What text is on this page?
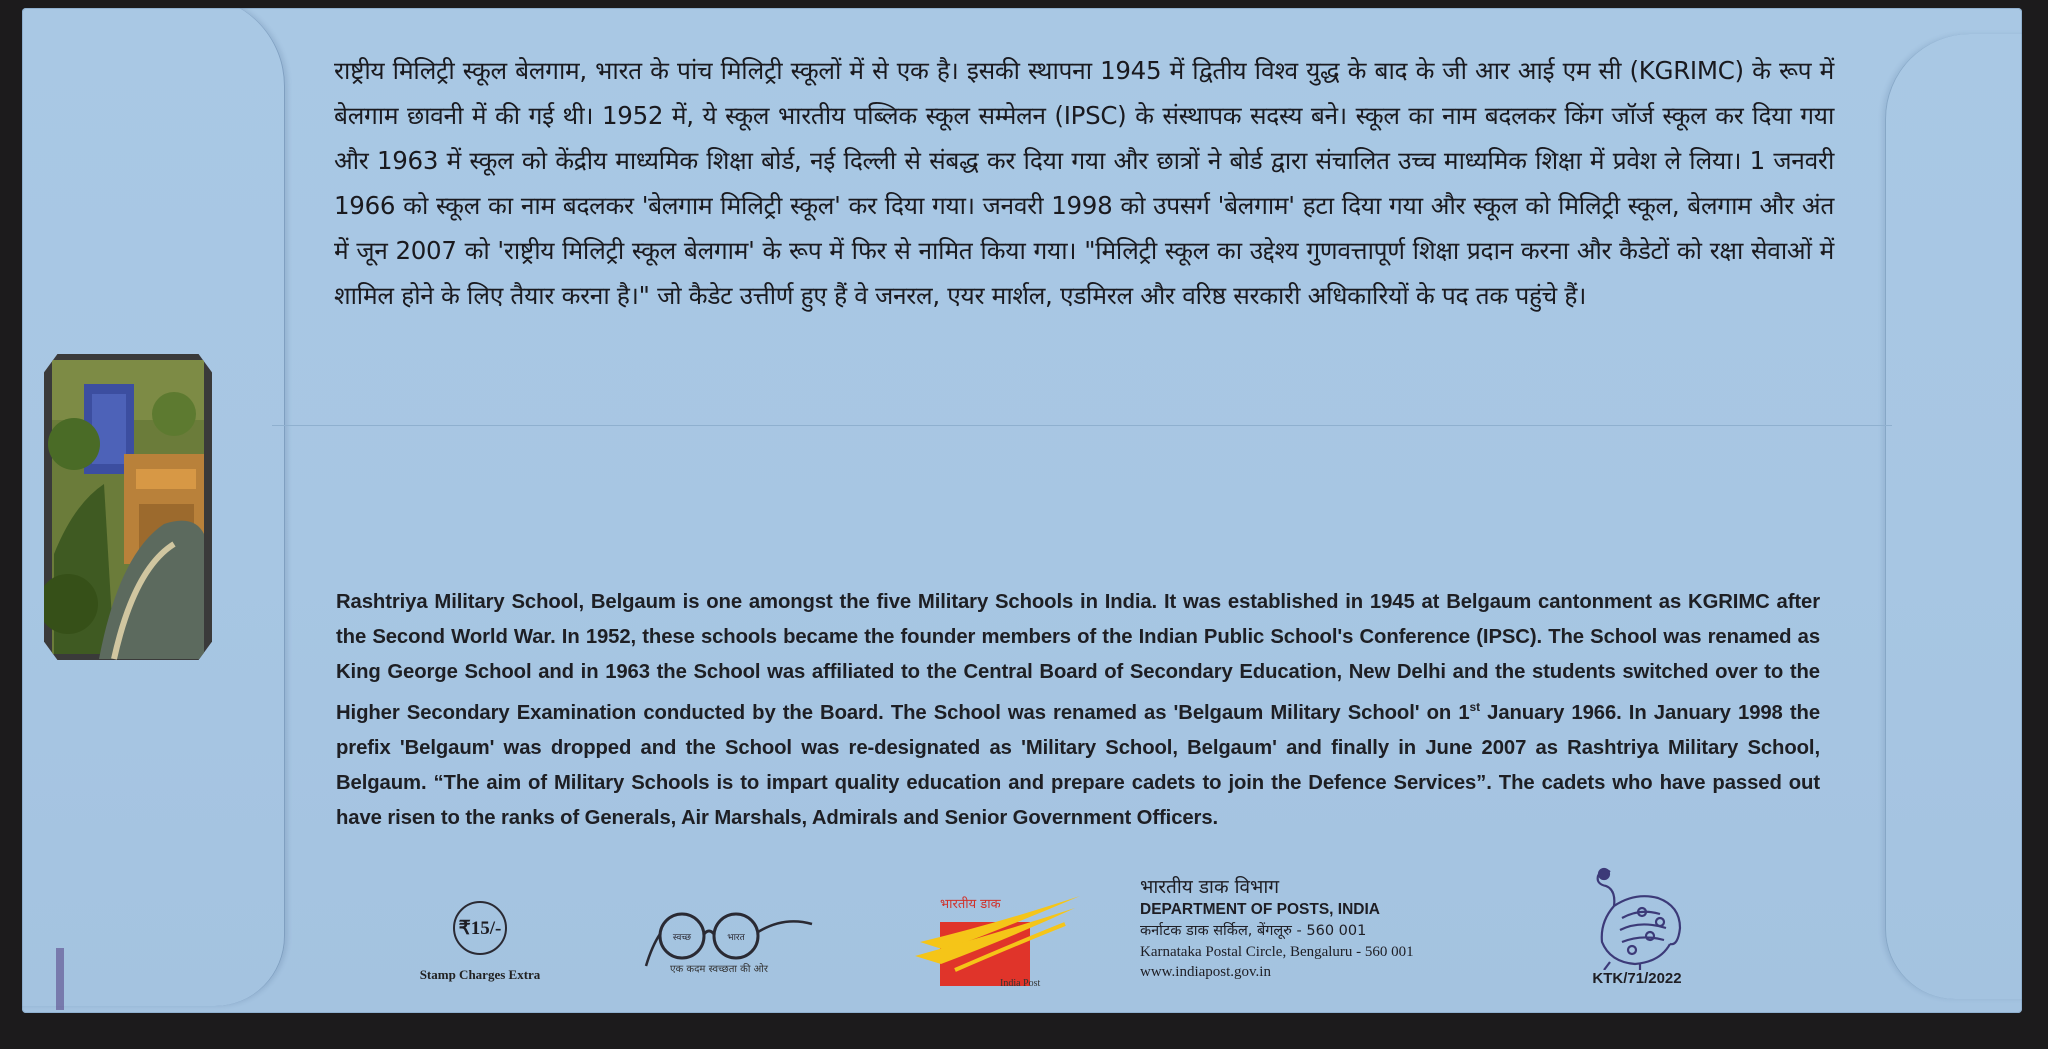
राष्ट्रीय मिलिट्री स्कूल बेलगाम, भारत के पांच मिलिट्री स्कूलों में से एक है। इसकी स्थापना 1945 में द्वितीय विश्व युद्ध के बाद के जी आर आई एम सी (KGRIMC) के रूप में बेलगाम छावनी में की गई थी। 1952 में, ये स्कूल भारतीय पब्लिक स्कूल सम्मेलन (IPSC) के संस्थापक सदस्य बने। स्कूल का नाम बदलकर किंग जॉर्ज स्कूल कर दिया गया और 1963 में स्कूल को केंद्रीय माध्यमिक शिक्षा बोर्ड, नई दिल्ली से संबद्ध कर दिया गया और छात्रों ने बोर्ड द्वारा संचालित उच्च माध्यमिक शिक्षा में प्रवेश ले लिया। 1 जनवरी 1966 को स्कूल का नाम बदलकर 'बेलगाम मिलिट्री स्कूल' कर दिया गया। जनवरी 1998 को उपसर्ग 'बेलगाम' हटा दिया गया और स्कूल को मिलिट्री स्कूल, बेलगाम और अंत में जून 2007 को 'राष्ट्रीय मिलिट्री स्कूल बेलगाम' के रूप में फिर से नामित किया गया। "मिलिट्री स्कूल का उद्देश्य गुणवत्तापूर्ण शिक्षा प्रदान करना और कैडेटों को रक्षा सेवाओं में शामिल होने के लिए तैयार करना है।" जो कैडेट उत्तीर्ण हुए हैं वे जनरल, एयर मार्शल, एडमिरल और वरिष्ठ सरकारी अधिकारियों के पद तक पहुंचे हैं।
Rashtriya Military School, Belgaum is one amongst the five Military Schools in India. It was established in 1945 at Belgaum cantonment as KGRIMC after the Second World War. In 1952, these schools became the founder members of the Indian Public School's Conference (IPSC). The School was renamed as King George School and in 1963 the School was affiliated to the Central Board of Secondary Education, New Delhi and the students switched over to the Higher Secondary Examination conducted by the Board. The School was renamed as 'Belgaum Military School' on 1st January 1966. In January 1998 the prefix 'Belgaum' was dropped and the School was re-designated as 'Military School, Belgaum' and finally in June 2007 as Rashtriya Military School, Belgaum. “The aim of Military Schools is to impart quality education and prepare cadets to join the Defence Services”. The cadets who have passed out have risen to the ranks of Generals, Air Marshals, Admirals and Senior Government Officers.
₹15/-
Stamp Charges Extra
स्वच्छ	भारत
एक कदम स्वच्छता की ओर
भारतीय डाक
India Post
भारतीय डाक विभाग
DEPARTMENT OF POSTS, INDIA
कर्नाटक डाक सर्किल, बेंगलूरु - 560 001
Karnataka Postal Circle, Bengaluru - 560 001
www.indiapost.gov.in	KTK/71/2022
